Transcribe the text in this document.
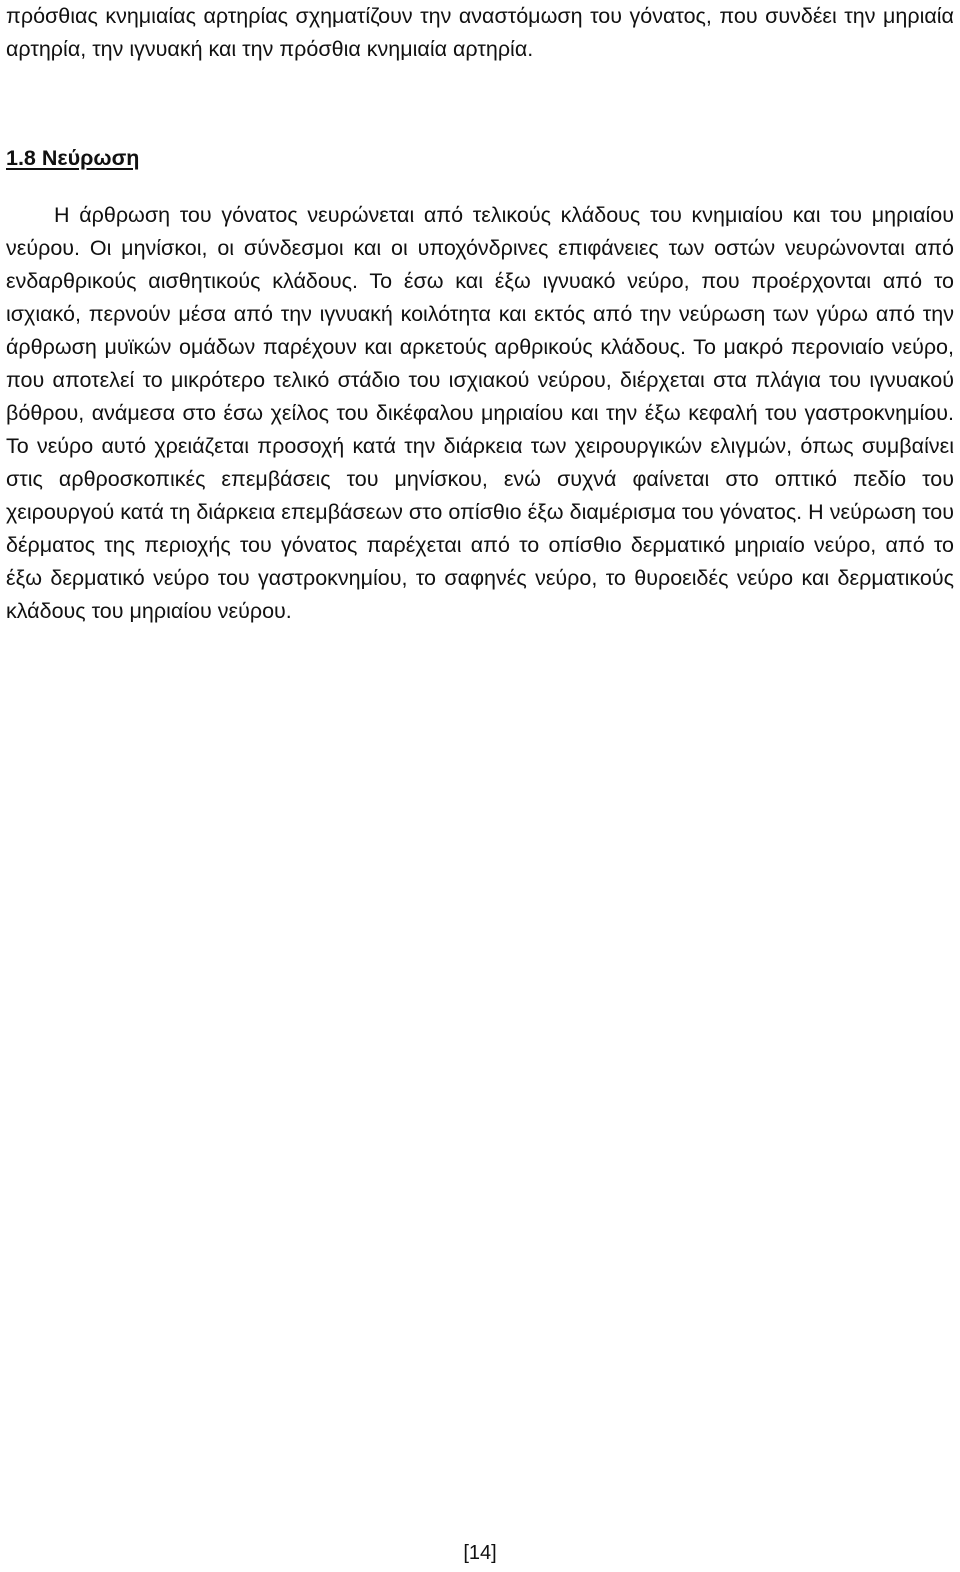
πρόσθιας κνημιαίας αρτηρίας σχηματίζουν την αναστόμωση του γόνατος, που συνδέει την μηριαία αρτηρία, την ιγνυακή και την πρόσθια κνημιαία αρτηρία.

1.8 Νεύρωση

Η άρθρωση του γόνατος νευρώνεται από τελικούς κλάδους του κνημιαίου και του μηριαίου νεύρου. Οι μηνίσκοι, οι σύνδεσμοι και οι υποχόνδρινες επιφάνειες των οστών νευρώνονται από ενδαρθρικούς αισθητικούς κλάδους. Το έσω και έξω ιγνυακό νεύρο, που προέρχονται από το ισχιακό, περνούν μέσα από την ιγνυακή κοιλότητα και εκτός από την νεύρωση των γύρω από την άρθρωση μυϊκών ομάδων παρέχουν και αρκετούς αρθρικούς κλάδους. Το μακρό περονιαίο νεύρο, που αποτελεί το μικρότερο τελικό στάδιο του ισχιακού νεύρου, διέρχεται στα πλάγια του ιγνυακού βόθρου, ανάμεσα στο έσω χείλος του δικέφαλου μηριαίου και την έξω κεφαλή του γαστροκνημίου. Το νεύρο αυτό χρειάζεται προσοχή κατά την διάρκεια των χειρουργικών ελιγμών, όπως συμβαίνει στις αρθροσκοπικές επεμβάσεις του μηνίσκου, ενώ συχνά φαίνεται στο οπτικό πεδίο του χειρουργού κατά τη διάρκεια επεμβάσεων στο οπίσθιο έξω διαμέρισμα του γόνατος. Η νεύρωση του δέρματος της περιοχής του γόνατος παρέχεται από το οπίσθιο δερματικό μηριαίο νεύρο, από το έξω δερματικό νεύρο του γαστροκνημίου, το σαφηνές νεύρο, το θυροειδές νεύρο και δερματικούς κλάδους του μηριαίου νεύρου.

[14]
